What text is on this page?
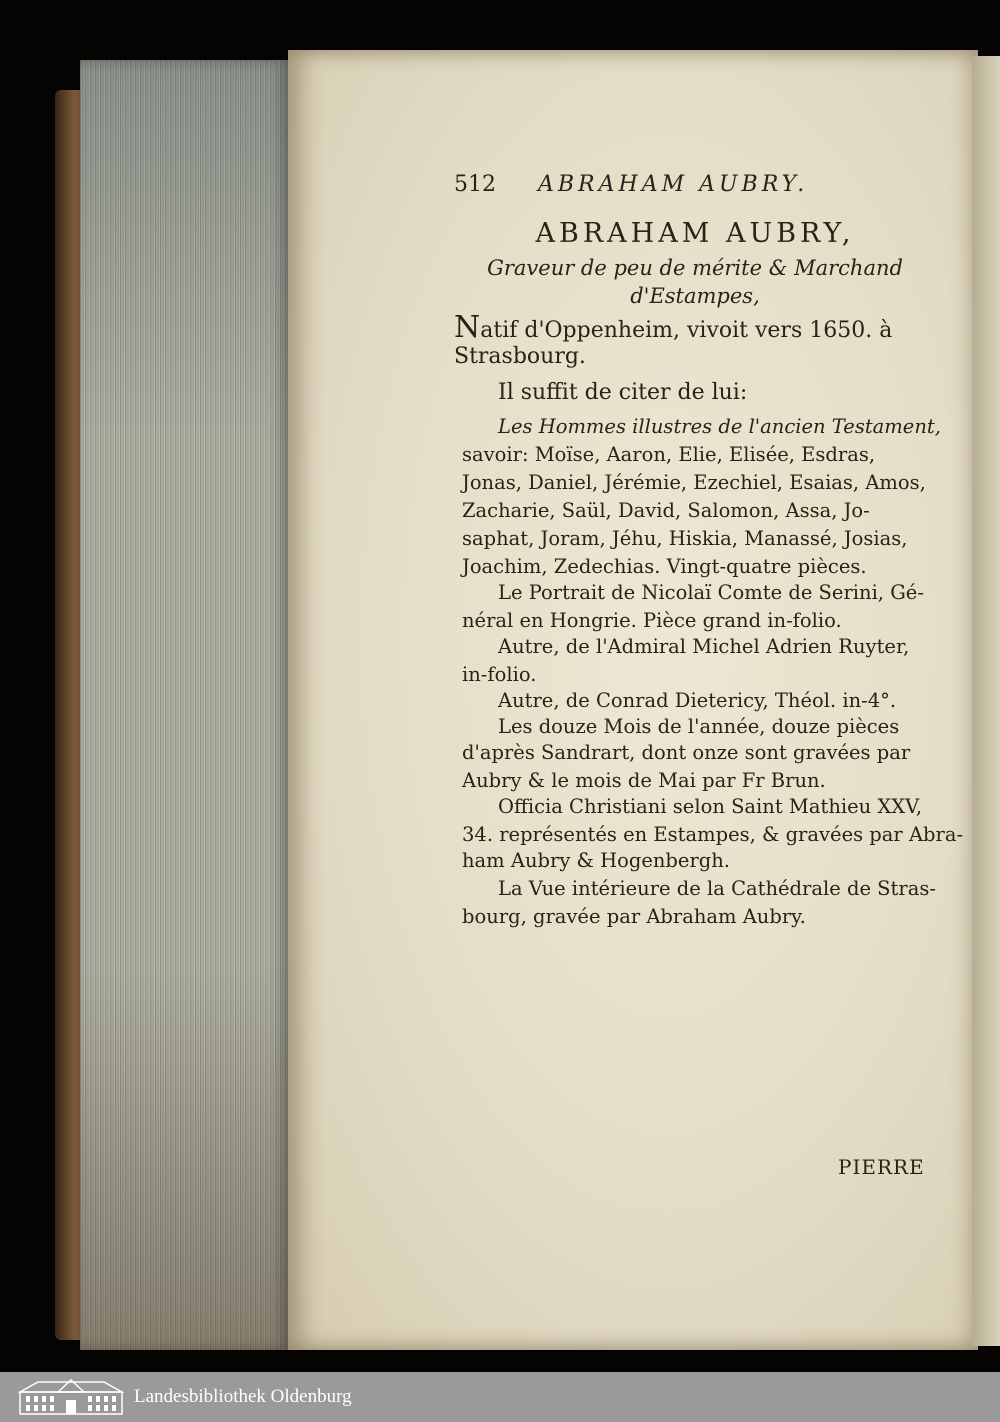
512 ABRAHAM AUBRY.
ABRAHAM AUBRY,
Graveur de peu de mérite & Marchand
d'Estampes,
Natif d'Oppenheim, vivoit vers 1650. à
Strasbourg.
Il suffit de citer de lui:
Les Hommes illustres de l'ancien Testament,
savoir: Moïse, Aaron, Elie, Elisée, Esdras,
Jonas, Daniel, Jérémie, Ezechiel, Esaias, Amos,
Zacharie, Saül, David, Salomon, Assa, Jo-
saphat, Joram, Jéhu, Hiskia, Manassé, Josias,
Joachim, Zedechias. Vingt-quatre pièces.
Le Portrait de Nicolaï Comte de Serini, Gé-
néral en Hongrie. Pièce grand in-folio.
Autre, de l'Admiral Michel Adrien Ruyter,
in-folio.
Autre, de Conrad Dietericy, Théol. in-4°.
Les douze Mois de l'année, douze pièces
d'après Sandrart, dont onze sont gravées par
Aubry & le mois de Mai par Fr Brun.
Officia Christiani selon Saint Mathieu XXV,
34. représentés en Estampes, & gravées par Abra-
ham Aubry & Hogenbergh.
La Vue intérieure de la Cathédrale de Stras-
bourg, gravée par Abraham Aubry.
PIERRE
Landesbibliothek Oldenburg
